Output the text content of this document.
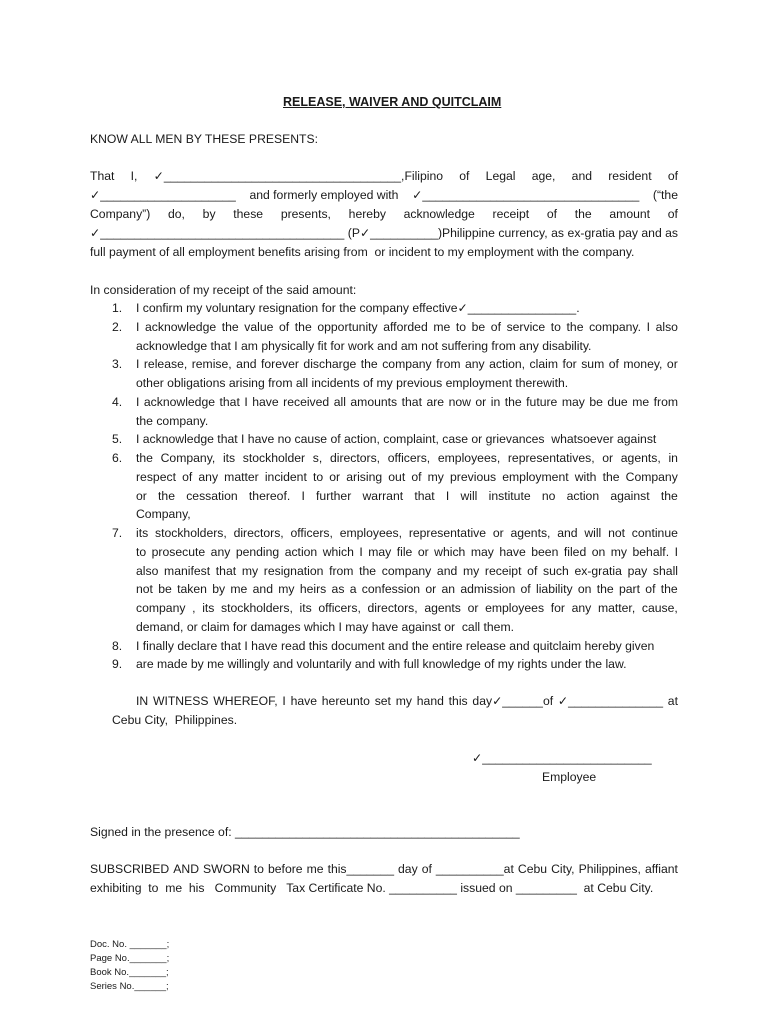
RELEASE, WAIVER AND QUITCLAIM
KNOW ALL MEN BY THESE PRESENTS:
That I, ✓___________________________________,Filipino of Legal age, and resident of
✓____________________ and formerly employed with ✓________________________________ (“the
Company”) do, by these presents, hereby acknowledge receipt of the amount of
✓____________________________________ (P✓__________)Philippine currency, as ex-gratia pay and as
full payment of all employment benefits arising from  or incident to my employment with the company.
In consideration of my receipt of the said amount:
1. I confirm my voluntary resignation for the company effective✓________________.
2. I acknowledge the value of the opportunity afforded me to be of service to the company. I also
acknowledge that I am physically fit for work and am not suffering from any disability.
3. I release, remise, and forever discharge the company from any action, claim for sum of money, or
other obligations arising from all incidents of my previous employment therewith.
4. I acknowledge that I have received all amounts that are now or in the future may be due me from
the company.
5. I acknowledge that I have no cause of action, complaint, case or grievances  whatsoever against
6. the Company, its stockholder s, directors, officers, employees, representatives, or agents, in
respect of any matter incident to or arising out of my previous employment with the Company
or the cessation thereof. I further warrant that I will institute no action against the
Company,
7. its stockholders, directors, officers, employees, representative or agents, and will not continue
to prosecute any pending action which I may file or which may have been filed on my behalf. I
also manifest that my resignation from the company and my receipt of such ex-gratia pay shall
not be taken by me and my heirs as a confession or an admission of liability on the part of the
company , its stockholders, its officers, directors, agents or employees for any matter, cause,
demand, or claim for damages which I may have against or  call them.
8. I finally declare that I have read this document and the entire release and quitclaim hereby given
9. are made by me willingly and voluntarily and with full knowledge of my rights under the law.
IN WITNESS WHEREOF, I have hereunto set my hand this day✓______of ✓______________ at
Cebu City,  Philippines.
✓_________________________
Employee
Signed in the presence of: __________________________________________
SUBSCRIBED AND SWORN to before me this_______ day of __________at Cebu City, Philippines, affiant
exhibiting  to  me  his   Community   Tax Certificate No. __________ issued on _________  at Cebu City.
Doc. No. _______;
Page No._______;
Book No._______;
Series No.______;
